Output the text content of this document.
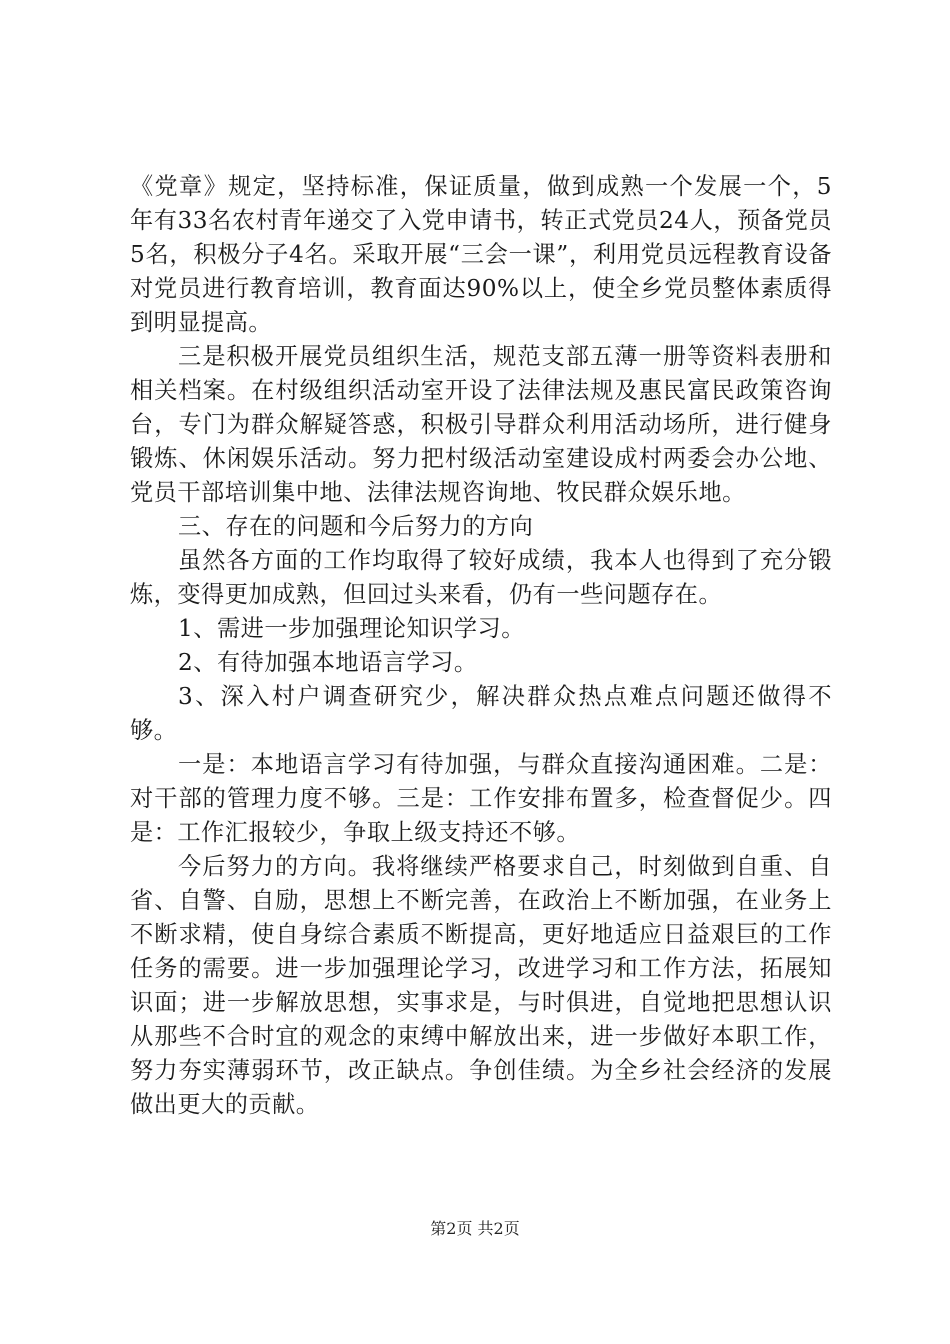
《党章》规定，坚持标准，保证质量，做到成熟一个发展一个，5年有33名农村青年递交了入党申请书，转正式党员24人，预备党员5名，积极分子4名。采取开展“三会一课”，利用党员远程教育设备对党员进行教育培训，教育面达90%以上，使全乡党员整体素质得到明显提高。

三是积极开展党员组织生活，规范支部五薄一册等资料表册和相关档案。在村级组织活动室开设了法律法规及惠民富民政策咨询台，专门为群众解疑答惑，积极引导群众利用活动场所，进行健身锻炼、休闲娱乐活动。努力把村级活动室建设成村两委会办公地、党员干部培训集中地、法律法规咨询地、牧民群众娱乐地。

三、存在的问题和今后努力的方向

虽然各方面的工作均取得了较好成绩，我本人也得到了充分锻炼，变得更加成熟，但回过头来看，仍有一些问题存在。

1、需进一步加强理论知识学习。

2、有待加强本地语言学习。

3、深入村户调查研究少，解决群众热点难点问题还做得不够。

一是：本地语言学习有待加强，与群众直接沟通困难。二是：对干部的管理力度不够。三是：工作安排布置多，检查督促少。四是：工作汇报较少，争取上级支持还不够。

今后努力的方向。我将继续严格要求自己，时刻做到自重、自省、自警、自励，思想上不断完善，在政治上不断加强，在业务上不断求精，使自身综合素质不断提高，更好地适应日益艰巨的工作任务的需要。进一步加强理论学习，改进学习和工作方法，拓展知识面；进一步解放思想，实事求是，与时俱进，自觉地把思想认识从那些不合时宜的观念的束缚中解放出来，进一步做好本职工作，努力夯实薄弱环节，改正缺点。争创佳绩。为全乡社会经济的发展做出更大的贡献。

第2页 共2页
